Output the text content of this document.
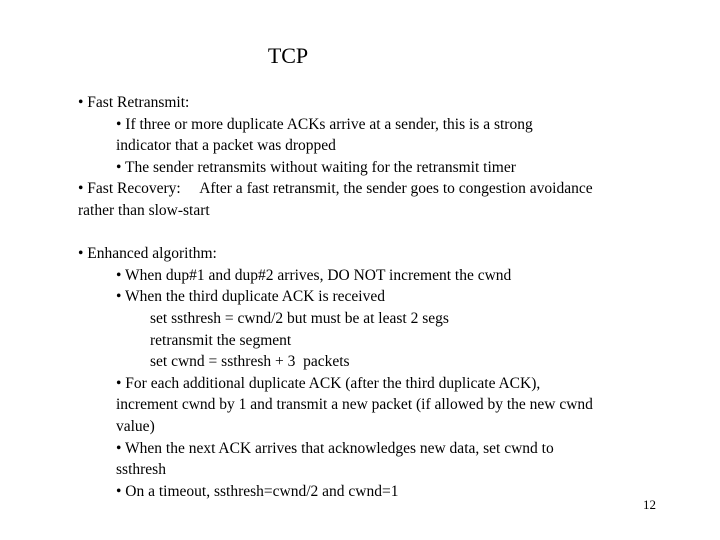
TCP

• Fast Retransmit:

• If three or more duplicate ACKs arrive at a sender, this is a strong

indicator that a packet was dropped

• The sender retransmits without waiting for the retransmit timer

• Fast Recovery:     After a fast retransmit, the sender goes to congestion avoidance

rather than slow-start

• Enhanced algorithm:

• When dup#1 and dup#2 arrives, DO NOT increment the cwnd

• When the third duplicate ACK is received

set ssthresh = cwnd/2 but must be at least 2 segs

retransmit the segment

set cwnd = ssthresh + 3  packets

• For each additional duplicate ACK (after the third duplicate ACK),

increment cwnd by 1 and transmit a new packet (if allowed by the new cwnd

value)

• When the next ACK arrives that acknowledges new data, set cwnd to

ssthresh

• On a timeout, ssthresh=cwnd/2 and cwnd=1

12
